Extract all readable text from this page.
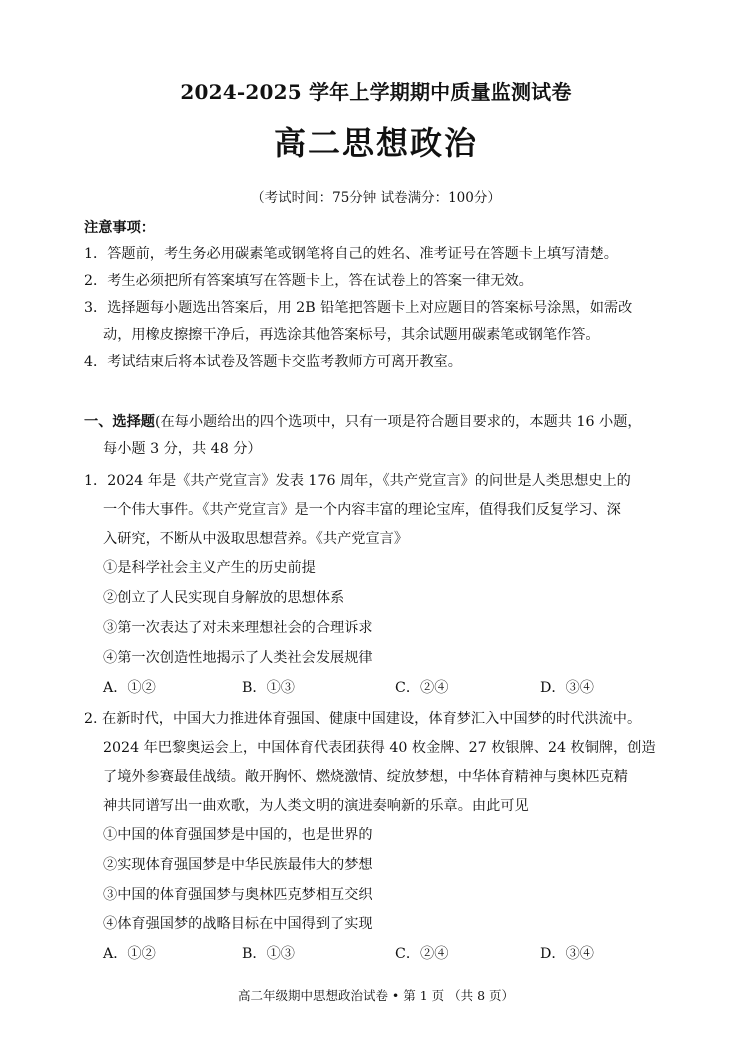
2024-2025 学年上学期期中质量监测试卷
高二思想政治
（考试时间：75分钟 试卷满分：100分）
注意事项：
1．答题前，考生务必用碳素笔或钢笔将自己的姓名、准考证号在答题卡上填写清楚。
2．考生必须把所有答案填写在答题卡上，答在试卷上的答案一律无效。
3．选择题每小题选出答案后，用 2B 铅笔把答题卡上对应题目的答案标号涂黑，如需改
动，用橡皮擦擦干净后，再选涂其他答案标号，其余试题用碳素笔或钢笔作答。
4．考试结束后将本试卷及答题卡交监考教师方可离开教室。
一、选择题(在每小题给出的四个选项中，只有一项是符合题目要求的，本题共 16 小题，
每小题 3 分，共 48 分）
1．2024 年是《共产党宣言》发表 176 周年，《共产党宣言》的问世是人类思想史上的
一个伟大事件。《共产党宣言》是一个内容丰富的理论宝库，值得我们反复学习、深
入研究，不断从中汲取思想营养。《共产党宣言》
①是科学社会主义产生的历史前提
②创立了人民实现自身解放的思想体系
③第一次表达了对未来理想社会的合理诉求
④第一次创造性地揭示了人类社会发展规律
A．①②	B．①③	C．②④	D．③④
2. 在新时代，中国大力推进体育强国、健康中国建设，体育梦汇入中国梦的时代洪流中。
2024 年巴黎奥运会上，中国体育代表团获得 40 枚金牌、27 枚银牌、24 枚铜牌，创造
了境外参赛最佳战绩。敞开胸怀、燃烧激情、绽放梦想，中华体育精神与奥林匹克精
神共同谱写出一曲欢歌，为人类文明的演进奏响新的乐章。由此可见
①中国的体育强国梦是中国的，也是世界的
②实现体育强国梦是中华民族最伟大的梦想
③中国的体育强国梦与奥林匹克梦相互交织
④体育强国梦的战略目标在中国得到了实现
A．①②	B．①③	C．②④	D．③④
高二年级期中思想政治试卷 • 第 1 页 （共 8 页）
